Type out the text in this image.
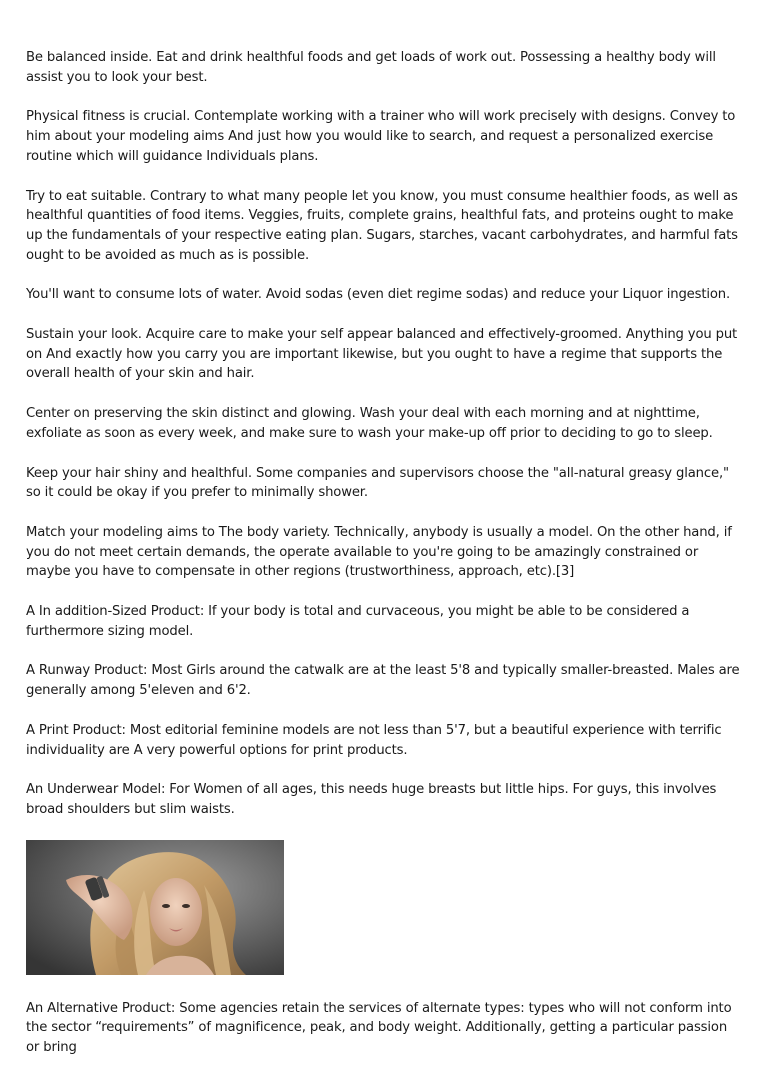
Be balanced inside. Eat and drink healthful foods and get loads of work out. Possessing a healthy body will assist you to look your best.

Physical fitness is crucial. Contemplate working with a trainer who will work precisely with designs. Convey to him about your modeling aims And just how you would like to search, and request a personalized exercise routine which will guidance Individuals plans.

Try to eat suitable. Contrary to what many people let you know, you must consume healthier foods, as well as healthful quantities of food items. Veggies, fruits, complete grains, healthful fats, and proteins ought to make up the fundamentals of your respective eating plan. Sugars, starches, vacant carbohydrates, and harmful fats ought to be avoided as much as is possible.

You'll want to consume lots of water. Avoid sodas (even diet regime sodas) and reduce your Liquor ingestion.

Sustain your look. Acquire care to make your self appear balanced and effectively-groomed. Anything you put on And exactly how you carry you are important likewise, but you ought to have a regime that supports the overall health of your skin and hair.

Center on preserving the skin distinct and glowing. Wash your deal with each morning and at nighttime, exfoliate as soon as every week, and make sure to wash your make-up off prior to deciding to go to sleep.

Keep your hair shiny and healthful. Some companies and supervisors choose the "all-natural greasy glance," so it could be okay if you prefer to minimally shower.

Match your modeling aims to The body variety. Technically, anybody is usually a model. On the other hand, if you do not meet certain demands, the operate available to you're going to be amazingly constrained or maybe you have to compensate in other regions (trustworthiness, approach, etc).[3]

A In addition-Sized Product: If your body is total and curvaceous, you might be able to be considered a furthermore sizing model.

A Runway Product: Most Girls around the catwalk are at the least 5'8 and typically smaller-breasted. Males are generally among 5'eleven and 6'2.

A Print Product: Most editorial feminine models are not less than 5'7, but a beautiful experience with terrific individuality are A very powerful options for print products.

An Underwear Model: For Women of all ages, this needs huge breasts but little hips. For guys, this involves broad shoulders but slim waists.

An Alternative Product: Some agencies retain the services of alternate types: types who will not conform into the sector “requirements” of magnificence, peak, and body weight. Additionally, getting a particular passion or bring
